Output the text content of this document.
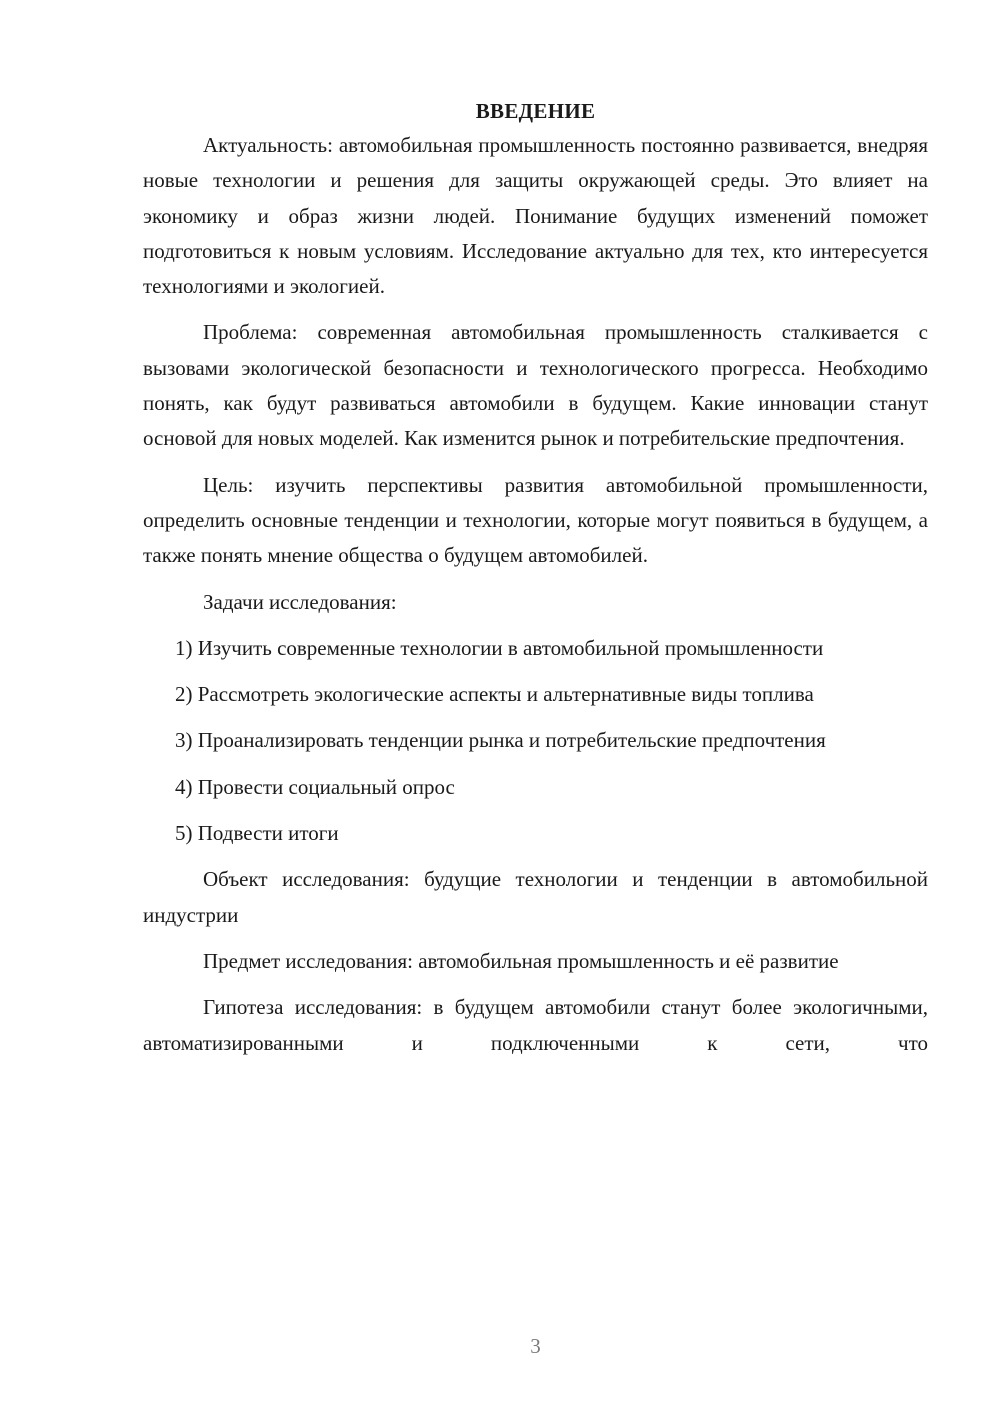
ВВЕДЕНИЕ

Актуальность: автомобильная промышленность постоянно развивается, внедряя новые технологии и решения для защиты окружающей среды. Это влияет на экономику и образ жизни людей. Понимание будущих изменений поможет подготовиться к новым условиям. Исследование актуально для тех, кто интересуется технологиями и экологией.

Проблема: современная автомобильная промышленность сталкивается с вызовами экологической безопасности и технологического прогресса. Необходимо понять, как будут развиваться автомобили в будущем. Какие инновации станут основой для новых моделей. Как изменится рынок и потребительские предпочтения.

Цель: изучить перспективы развития автомобильной промышленности, определить основные тенденции и технологии, которые могут появиться в будущем, а также понять мнение общества о будущем автомобилей.

Задачи исследования:

1) Изучить современные технологии в автомобильной промышленности

2) Рассмотреть экологические аспекты и альтернативные виды топлива

3) Проанализировать тенденции рынка и потребительские предпочтения

4) Провести социальный опрос

5) Подвести итоги

Объект исследования: будущие технологии и тенденции в автомобильной индустрии

Предмет исследования: автомобильная промышленность и её развитие

Гипотеза исследования: в будущем автомобили станут более экологичными, автоматизированными и подключенными к сети, что

3
